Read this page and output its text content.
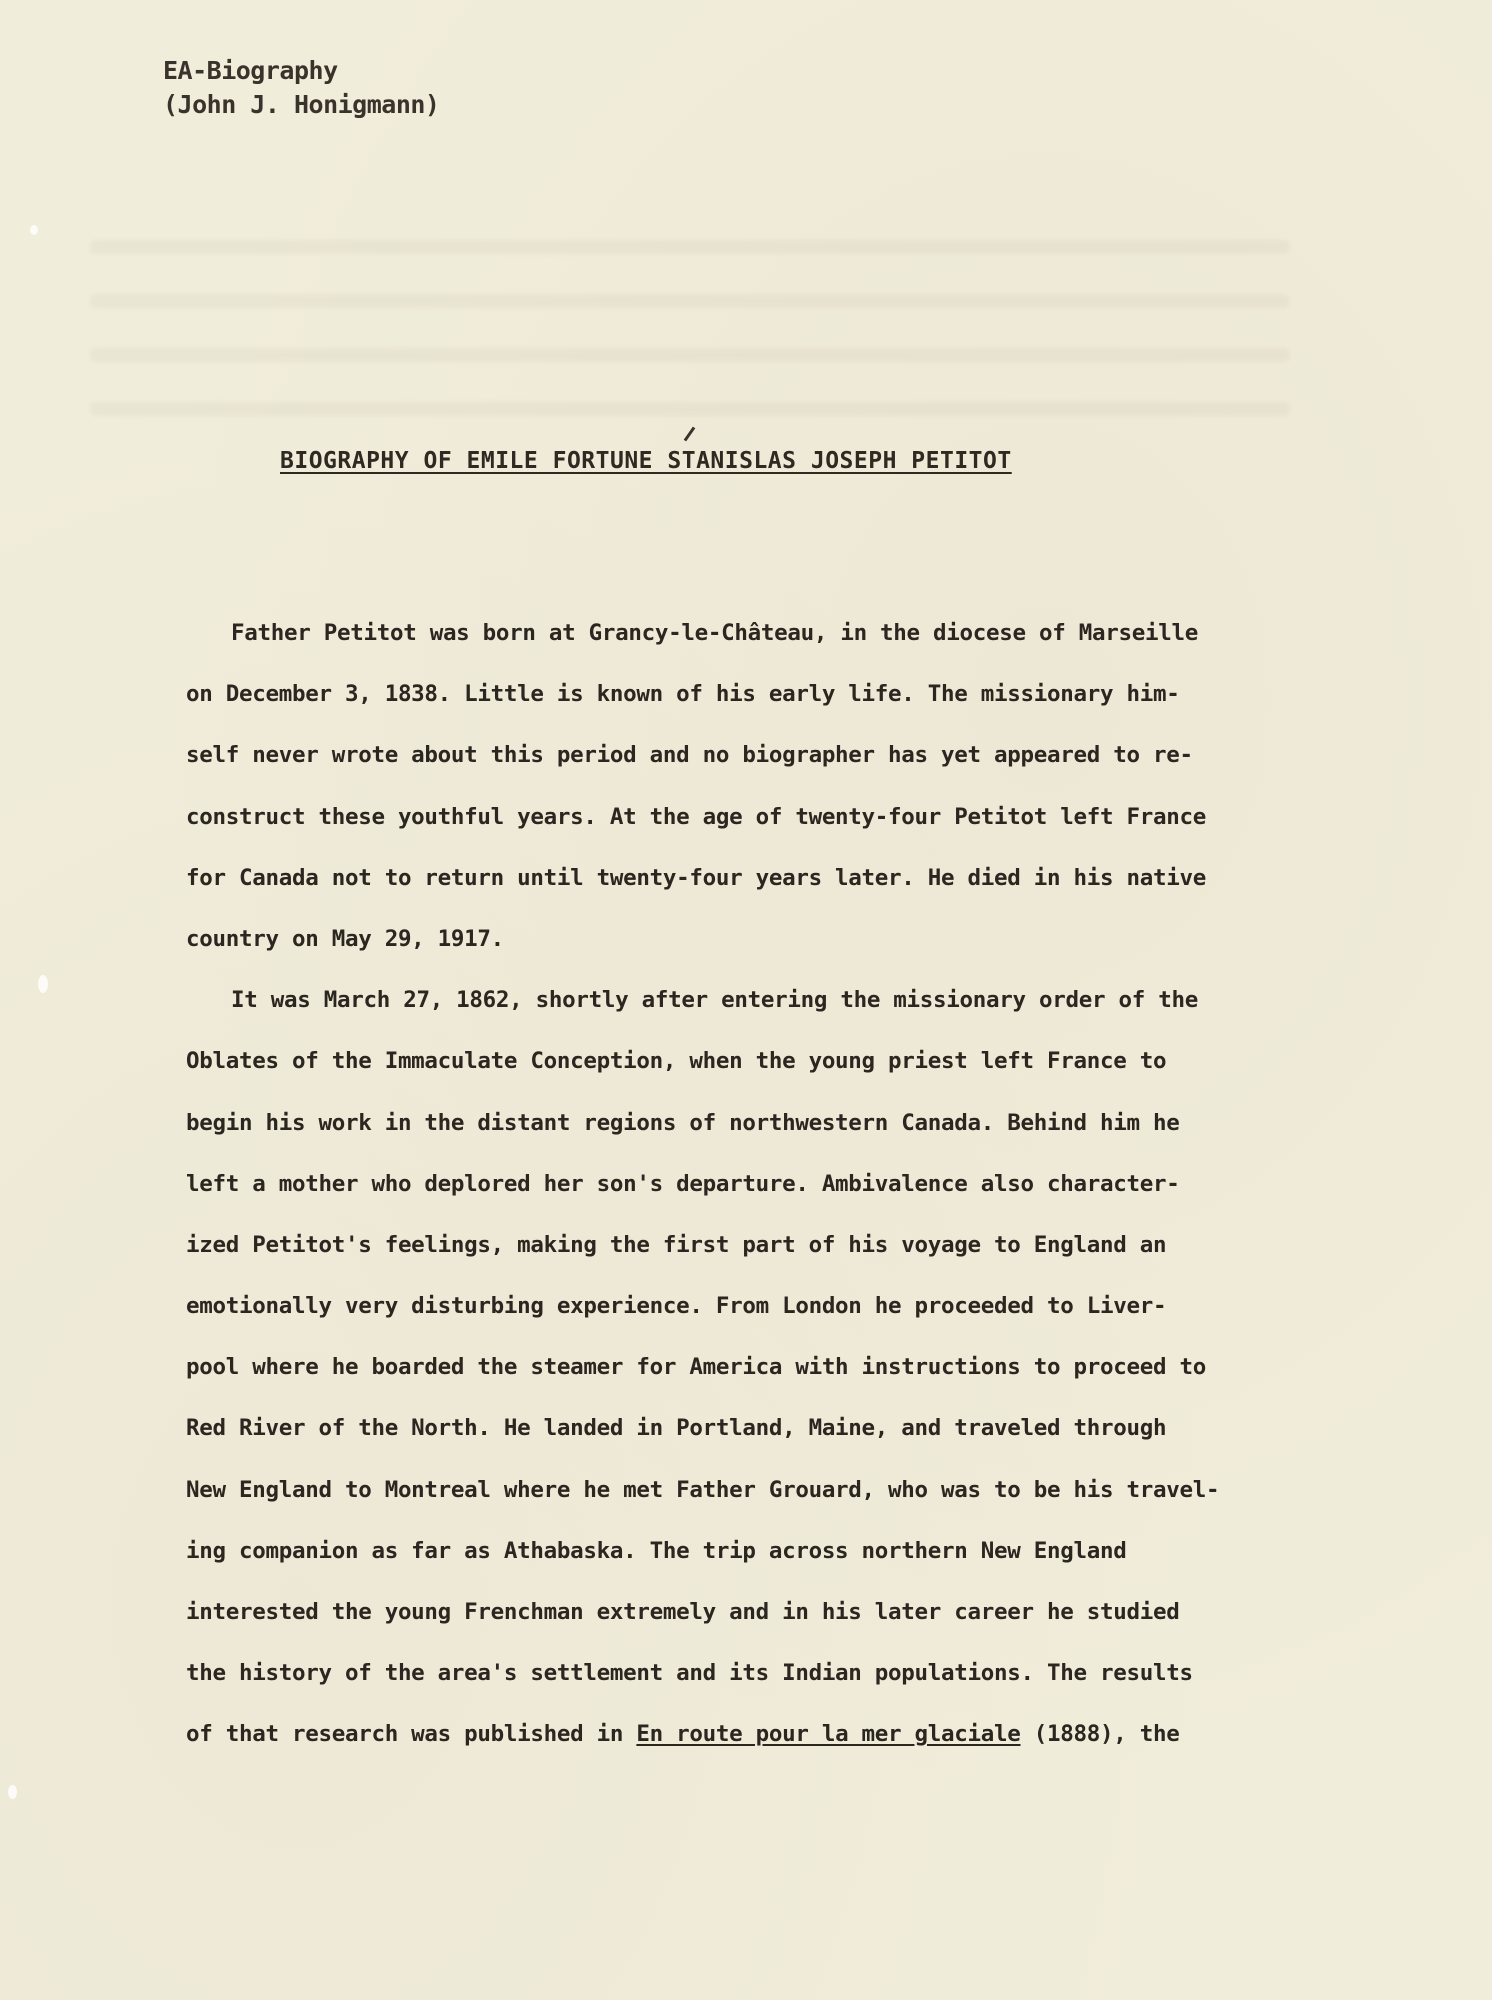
EA-Biography
(John J. Honigmann)
BIOGRAPHY OF EMILE FORTUNE STANISLAS JOSEPH PETITOT
Father Petitot was born at Grancy-le-Château, in the diocese of Marseille
on December 3, 1838. Little is known of his early life. The missionary him-
self never wrote about this period and no biographer has yet appeared to re-
construct these youthful years. At the age of twenty-four Petitot left France
for Canada not to return until twenty-four years later. He died in his native
country on May 29, 1917.
It was March 27, 1862, shortly after entering the missionary order of the
Oblates of the Immaculate Conception, when the young priest left France to
begin his work in the distant regions of northwestern Canada. Behind him he
left a mother who deplored her son's departure. Ambivalence also character-
ized Petitot's feelings, making the first part of his voyage to England an
emotionally very disturbing experience. From London he proceeded to Liver-
pool where he boarded the steamer for America with instructions to proceed to
Red River of the North. He landed in Portland, Maine, and traveled through
New England to Montreal where he met Father Grouard, who was to be his travel-
ing companion as far as Athabaska. The trip across northern New England
interested the young Frenchman extremely and in his later career he studied
the history of the area's settlement and its Indian populations. The results
of that research was published in En route pour la mer glaciale (1888), the
